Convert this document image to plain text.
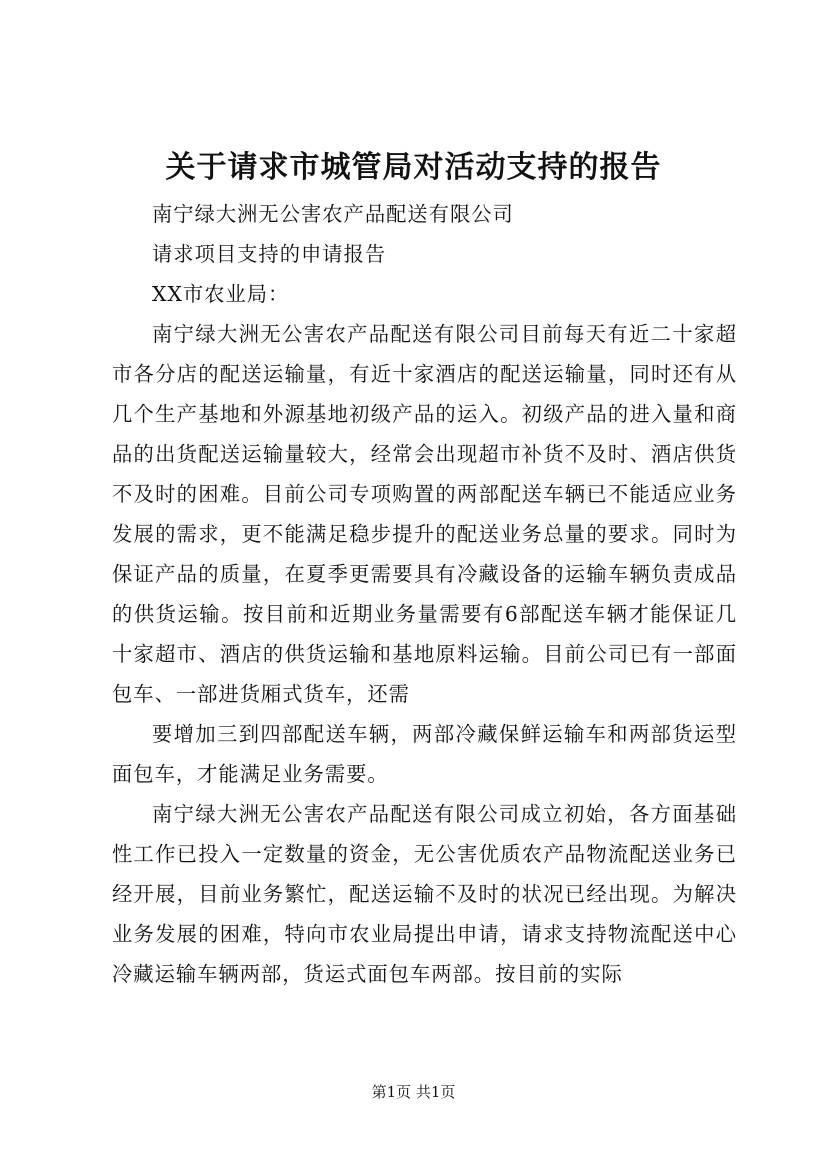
关于请求市城管局对活动支持的报告

南宁绿大洲无公害农产品配送有限公司

请求项目支持的申请报告

XX市农业局：

南宁绿大洲无公害农产品配送有限公司目前每天有近二十家超市各分店的配送运输量，有近十家酒店的配送运输量，同时还有从几个生产基地和外源基地初级产品的运入。初级产品的进入量和商品的出货配送运输量较大，经常会出现超市补货不及时、酒店供货不及时的困难。目前公司专项购置的两部配送车辆已不能适应业务发展的需求，更不能满足稳步提升的配送业务总量的要求。同时为保证产品的质量，在夏季更需要具有冷藏设备的运输车辆负责成品的供货运输。按目前和近期业务量需要有6部配送车辆才能保证几十家超市、酒店的供货运输和基地原料运输。目前公司已有一部面包车、一部进货厢式货车，还需

要增加三到四部配送车辆，两部冷藏保鲜运输车和两部货运型面包车，才能满足业务需要。

南宁绿大洲无公害农产品配送有限公司成立初始，各方面基础性工作已投入一定数量的资金，无公害优质农产品物流配送业务已经开展，目前业务繁忙，配送运输不及时的状况已经出现。为解决业务发展的困难，特向市农业局提出申请，请求支持物流配送中心冷藏运输车辆两部，货运式面包车两部。按目前的实际

第1页 共1页
